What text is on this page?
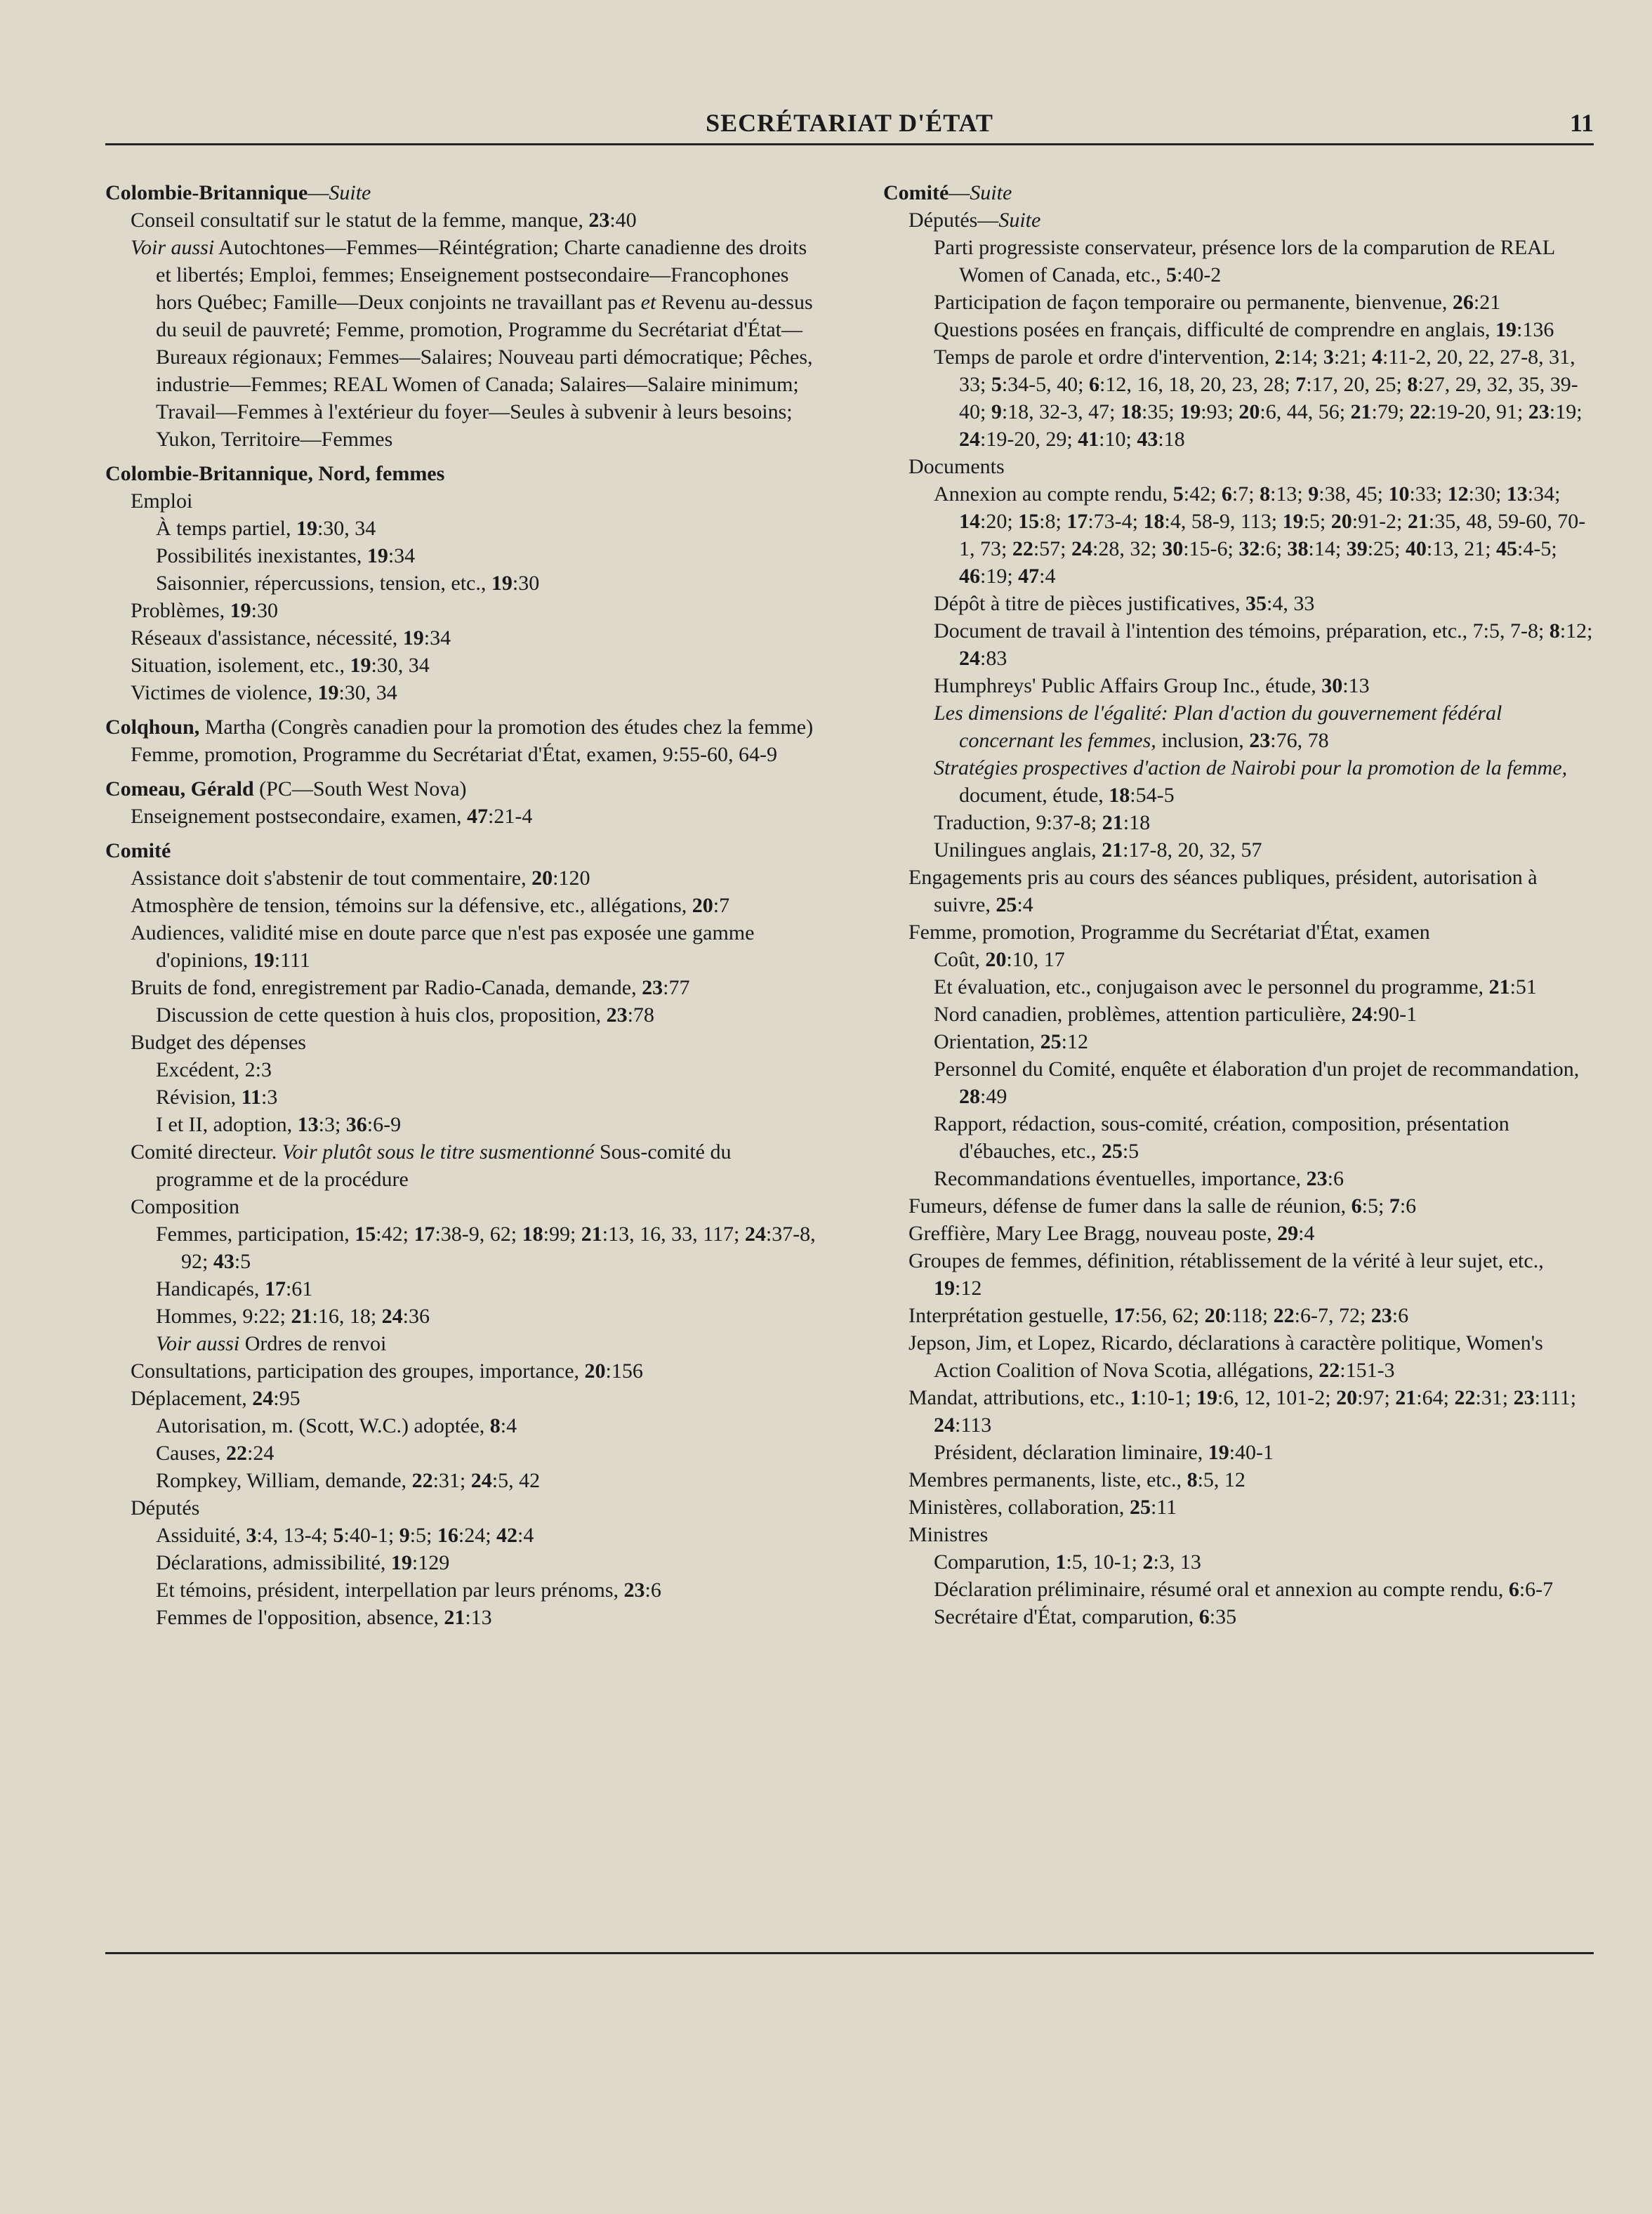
SECRÉTARIAT D'ÉTAT	11
Colombie-Britannique—Suite
Conseil consultatif sur le statut de la femme, manque, 23:40
Voir aussi Autochtones—Femmes—Réintégration; Charte canadienne des droits et libertés; Emploi, femmes; Enseignement postsecondaire—Francophones hors Québec; Famille—Deux conjoints ne travaillant pas et Revenu au-dessus du seuil de pauvreté; Femme, promotion, Programme du Secrétariat d'État—Bureaux régionaux; Femmes—Salaires; Nouveau parti démocratique; Pêches, industrie—Femmes; REAL Women of Canada; Salaires—Salaire minimum; Travail—Femmes à l'extérieur du foyer—Seules à subvenir à leurs besoins; Yukon, Territoire—Femmes
Colombie-Britannique, Nord, femmes
Emploi
À temps partiel, 19:30, 34
Possibilités inexistantes, 19:34
Saisonnier, répercussions, tension, etc., 19:30
Problèmes, 19:30
Réseaux d'assistance, nécessité, 19:34
Situation, isolement, etc., 19:30, 34
Victimes de violence, 19:30, 34
Colqhoun, Martha (Congrès canadien pour la promotion des études chez la femme)
Femme, promotion, Programme du Secrétariat d'État, examen, 9:55-60, 64-9
Comeau, Gérald (PC—South West Nova)
Enseignement postsecondaire, examen, 47:21-4
Comité
Assistance doit s'abstenir de tout commentaire, 20:120
Atmosphère de tension, témoins sur la défensive, etc., allégations, 20:7
Audiences, validité mise en doute parce que n'est pas exposée une gamme d'opinions, 19:111
Bruits de fond, enregistrement par Radio-Canada, demande, 23:77
Discussion de cette question à huis clos, proposition, 23:78
Budget des dépenses
Excédent, 2:3
Révision, 11:3
I et II, adoption, 13:3; 36:6-9
Comité directeur. Voir plutôt sous le titre susmentionné Sous-comité du programme et de la procédure
Composition
Femmes, participation, 15:42; 17:38-9, 62; 18:99; 21:13, 16, 33, 117; 24:37-8, 92; 43:5
Handicapés, 17:61
Hommes, 9:22; 21:16, 18; 24:36
Voir aussi Ordres de renvoi
Consultations, participation des groupes, importance, 20:156
Déplacement, 24:95
Autorisation, m. (Scott, W.C.) adoptée, 8:4
Causes, 22:24
Rompkey, William, demande, 22:31; 24:5, 42
Députés
Assiduité, 3:4, 13-4; 5:40-1; 9:5; 16:24; 42:4
Déclarations, admissibilité, 19:129
Et témoins, président, interpellation par leurs prénoms, 23:6
Femmes de l'opposition, absence, 21:13
Comité—Suite
Députés—Suite
Parti progressiste conservateur, présence lors de la comparution de REAL Women of Canada, etc., 5:40-2
Participation de façon temporaire ou permanente, bienvenue, 26:21
Questions posées en français, difficulté de comprendre en anglais, 19:136
Temps de parole et ordre d'intervention, 2:14; 3:21; 4:11-2, 20, 22, 27-8, 31, 33; 5:34-5, 40; 6:12, 16, 18, 20, 23, 28; 7:17, 20, 25; 8:27, 29, 32, 35, 39-40; 9:18, 32-3, 47; 18:35; 19:93; 20:6, 44, 56; 21:79; 22:19-20, 91; 23:19; 24:19-20, 29; 41:10; 43:18
Documents
Annexion au compte rendu, 5:42; 6:7; 8:13; 9:38, 45; 10:33; 12:30; 13:34; 14:20; 15:8; 17:73-4; 18:4, 58-9, 113; 19:5; 20:91-2; 21:35, 48, 59-60, 70-1, 73; 22:57; 24:28, 32; 30:15-6; 32:6; 38:14; 39:25; 40:13, 21; 45:4-5; 46:19; 47:4
Dépôt à titre de pièces justificatives, 35:4, 33
Document de travail à l'intention des témoins, préparation, etc., 7:5, 7-8; 8:12; 24:83
Humphreys' Public Affairs Group Inc., étude, 30:13
Les dimensions de l'égalité: Plan d'action du gouvernement fédéral concernant les femmes, inclusion, 23:76, 78
Stratégies prospectives d'action de Nairobi pour la promotion de la femme, document, étude, 18:54-5
Traduction, 9:37-8; 21:18
Unilingues anglais, 21:17-8, 20, 32, 57
Engagements pris au cours des séances publiques, président, autorisation à suivre, 25:4
Femme, promotion, Programme du Secrétariat d'État, examen
Coût, 20:10, 17
Et évaluation, etc., conjugaison avec le personnel du programme, 21:51
Nord canadien, problèmes, attention particulière, 24:90-1
Orientation, 25:12
Personnel du Comité, enquête et élaboration d'un projet de recommandation, 28:49
Rapport, rédaction, sous-comité, création, composition, présentation d'ébauches, etc., 25:5
Recommandations éventuelles, importance, 23:6
Fumeurs, défense de fumer dans la salle de réunion, 6:5; 7:6
Greffière, Mary Lee Bragg, nouveau poste, 29:4
Groupes de femmes, définition, rétablissement de la vérité à leur sujet, etc., 19:12
Interprétation gestuelle, 17:56, 62; 20:118; 22:6-7, 72; 23:6
Jepson, Jim, et Lopez, Ricardo, déclarations à caractère politique, Women's Action Coalition of Nova Scotia, allégations, 22:151-3
Mandat, attributions, etc., 1:10-1; 19:6, 12, 101-2; 20:97; 21:64; 22:31; 23:111; 24:113
Président, déclaration liminaire, 19:40-1
Membres permanents, liste, etc., 8:5, 12
Ministères, collaboration, 25:11
Ministres
Comparution, 1:5, 10-1; 2:3, 13
Déclaration préliminaire, résumé oral et annexion au compte rendu, 6:6-7
Secrétaire d'État, comparution, 6:35
